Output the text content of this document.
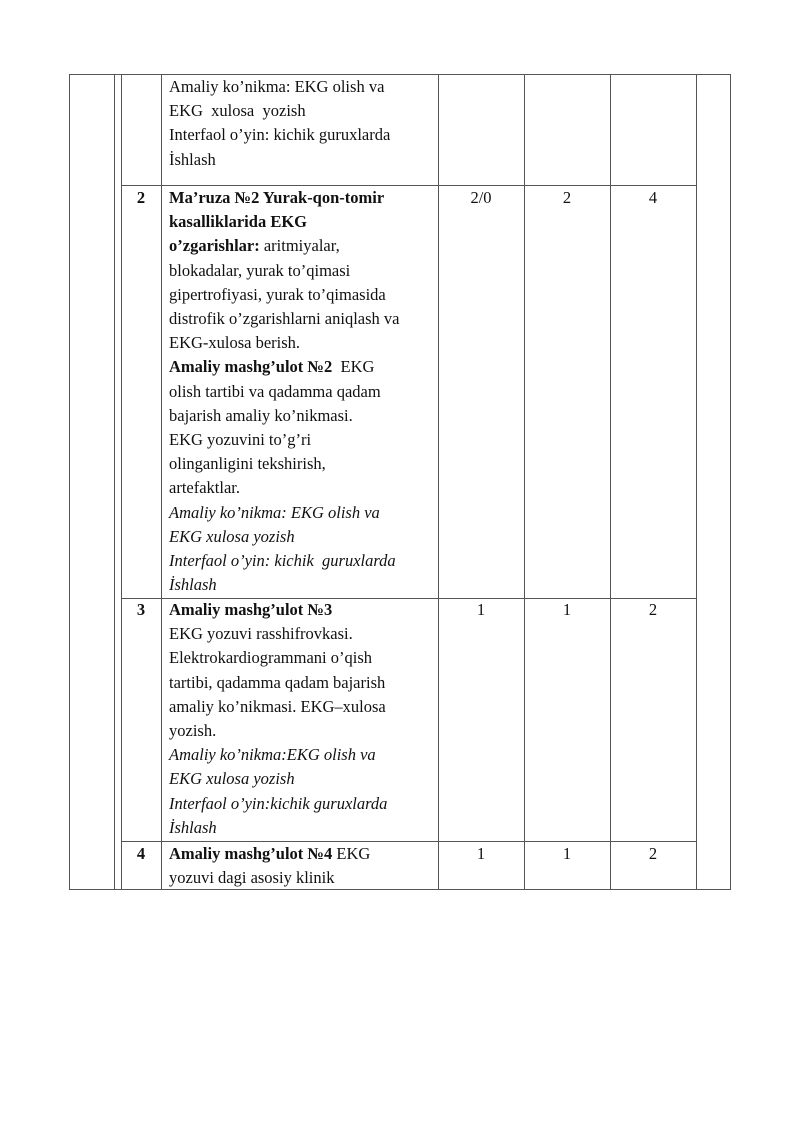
Amaliy ko’nikma: EKG olish va
EKG  xulosa  yozish
Interfaol o’yin: kichik guruxlarda
İshlash
2	Ma’ruza №2 Yurak-qon-tomir
kasalliklarida EKG
o’zgarishlar: aritmiyalar,
blokadalar, yurak to’qimasi
gipertrofiyasi, yurak to’qimasida
distrofik o’zgarishlarni aniqlash va
EKG-xulosa berish.
Amaliy mashg’ulot №2  EKG
olish tartibi va qadamma qadam
bajarish amaliy ko’nikmasi.
EKG yozuvini to’g’ri
olinganligini tekshirish,
artefaktlar.
Amaliy ko’nikma: EKG olish va
EKG xulosa yozish
Interfaol o’yin: kichik  guruxlarda
İshlash
2/0	2	4
3	Amaliy mashg’ulot №3
EKG yozuvi rasshifrovkasi.
Elektrokardiogrammani o’qish
tartibi, qadamma qadam bajarish
amaliy ko’nikmasi. EKG–xulosa
yozish.
Amaliy ko’nikma:EKG olish va
EKG xulosa yozish
Interfaol o’yin:kichik guruxlarda
İshlash
1	1	2
4	Amaliy mashg’ulot №4 EKG
yozuvi dagi asosiy klinik
1	1	2
